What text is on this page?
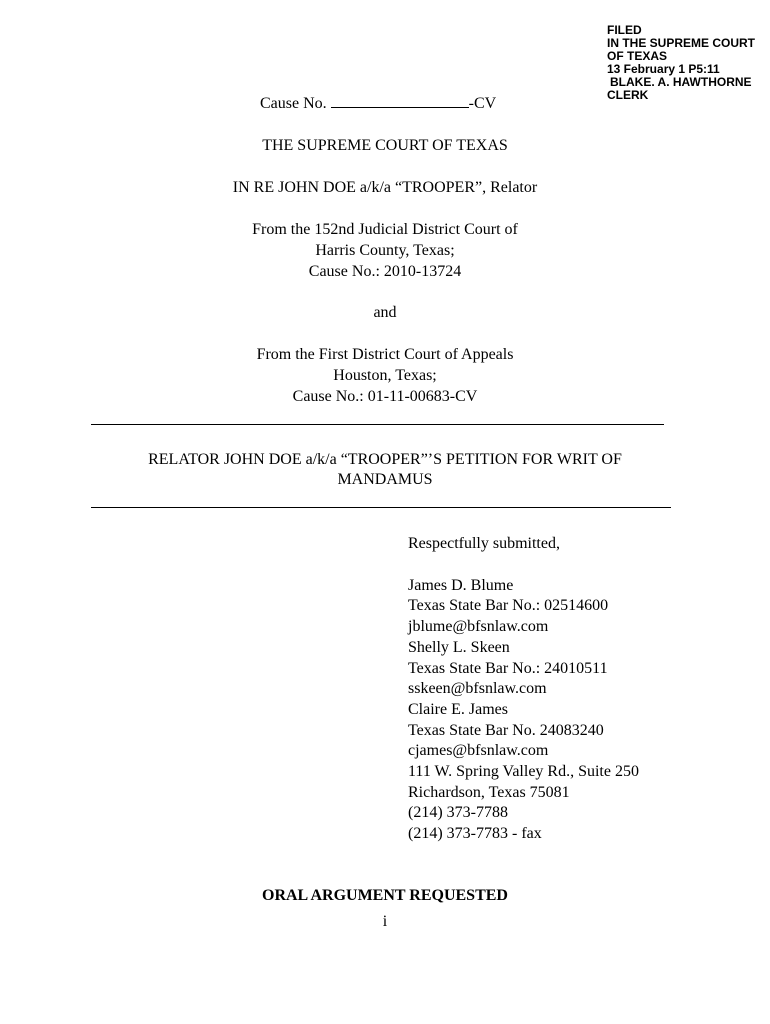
FILED
IN THE SUPREME COURT
OF TEXAS
13 February 1 P5:11
BLAKE. A. HAWTHORNE
CLERK
Cause No.	-CV
THE SUPREME COURT OF TEXAS
IN RE JOHN DOE a/k/a “TROOPER”, Relator
From the 152nd Judicial District Court of
Harris County, Texas;
Cause No.: 2010-13724
and
From the First District Court of Appeals
Houston, Texas;
Cause No.: 01-11-00683-CV
RELATOR JOHN DOE a/k/a “TROOPER”’S PETITION FOR WRIT OF
MANDAMUS
Respectfully submitted,
James D. Blume
Texas State Bar No.: 02514600
jblume@bfsnlaw.com
Shelly L. Skeen
Texas State Bar No.: 24010511
sskeen@bfsnlaw.com
Claire E. James
Texas State Bar No. 24083240
cjames@bfsnlaw.com
111 W. Spring Valley Rd., Suite 250
Richardson, Texas 75081
(214) 373-7788
(214) 373-7783 - fax
ORAL ARGUMENT REQUESTED
i
